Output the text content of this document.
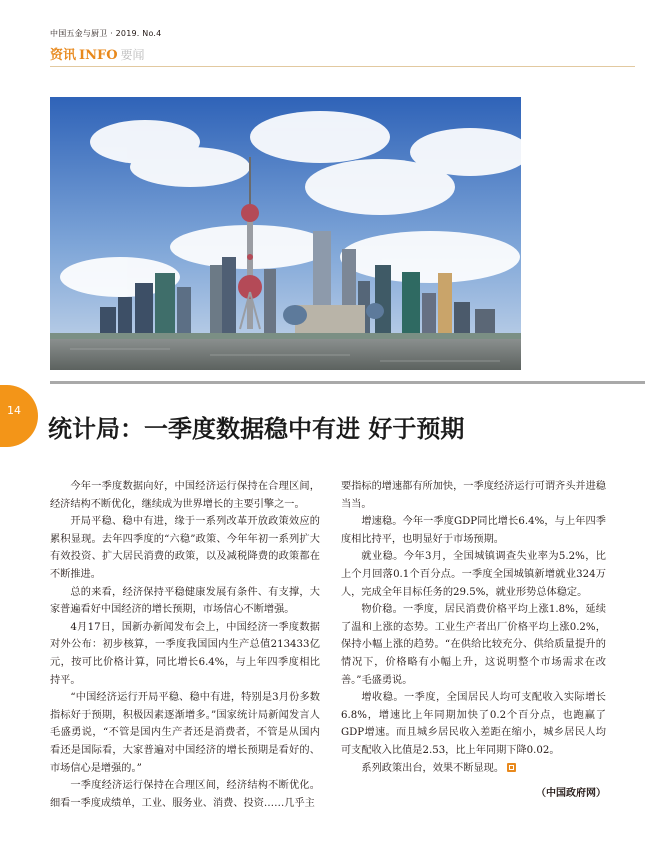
中国五金与厨卫 · 2019. No.4
资讯 INFO 要闻
14
统计局：一季度数据稳中有进 好于预期

今年一季度数据向好，中国经济运行保持在合理区间，经济结构不断优化，继续成为世界增长的主要引擎之一。

开局平稳、稳中有进，缘于一系列改革开放政策效应的累积显现。去年四季度的“六稳”政策、今年年初一系列扩大有效投资、扩大居民消费的政策，以及减税降费的政策都在不断推进。

总的来看，经济保持平稳健康发展有条件、有支撑，大家普遍看好中国经济的增长预期，市场信心不断增强。

4月17日，国新办新闻发布会上，中国经济一季度数据对外公布：初步核算，一季度我国国内生产总值213433亿元，按可比价格计算，同比增长6.4%，与上年四季度相比持平。

“中国经济运行开局平稳、稳中有进，特别是3月份多数指标好于预期，积极因素逐渐增多。”国家统计局新闻发言人毛盛勇说，“不管是国内生产者还是消费者，不管是从国内看还是国际看，大家普遍对中国经济的增长预期是看好的、市场信心是增强的。”

一季度经济运行保持在合理区间，经济结构不断优化。细看一季度成绩单，工业、服务业、消费、投资……几乎主

要指标的增速都有所加快，一季度经济运行可谓齐头并进稳当当。

增速稳。今年一季度GDP同比增长6.4%，与上年四季度相比持平，也明显好于市场预期。

就业稳。今年3月，全国城镇调查失业率为5.2%，比上个月回落0.1个百分点。一季度全国城镇新增就业324万人，完成全年目标任务的29.5%，就业形势总体稳定。

物价稳。一季度，居民消费价格平均上涨1.8%，延续了温和上涨的态势。工业生产者出厂价格平均上涨0.2%，保持小幅上涨的趋势。“在供给比较充分、供给质量提升的情况下，价格略有小幅上升，这说明整个市场需求在改善。”毛盛勇说。

增收稳。一季度，全国居民人均可支配收入实际增长6.8%，增速比上年同期加快了0.2个百分点，也跑赢了GDP增速。而且城乡居民收入差距在缩小，城乡居民人均可支配收入比值是2.53，比上年同期下降0.02。

系列政策出台，效果不断显现。

（中国政府网）
